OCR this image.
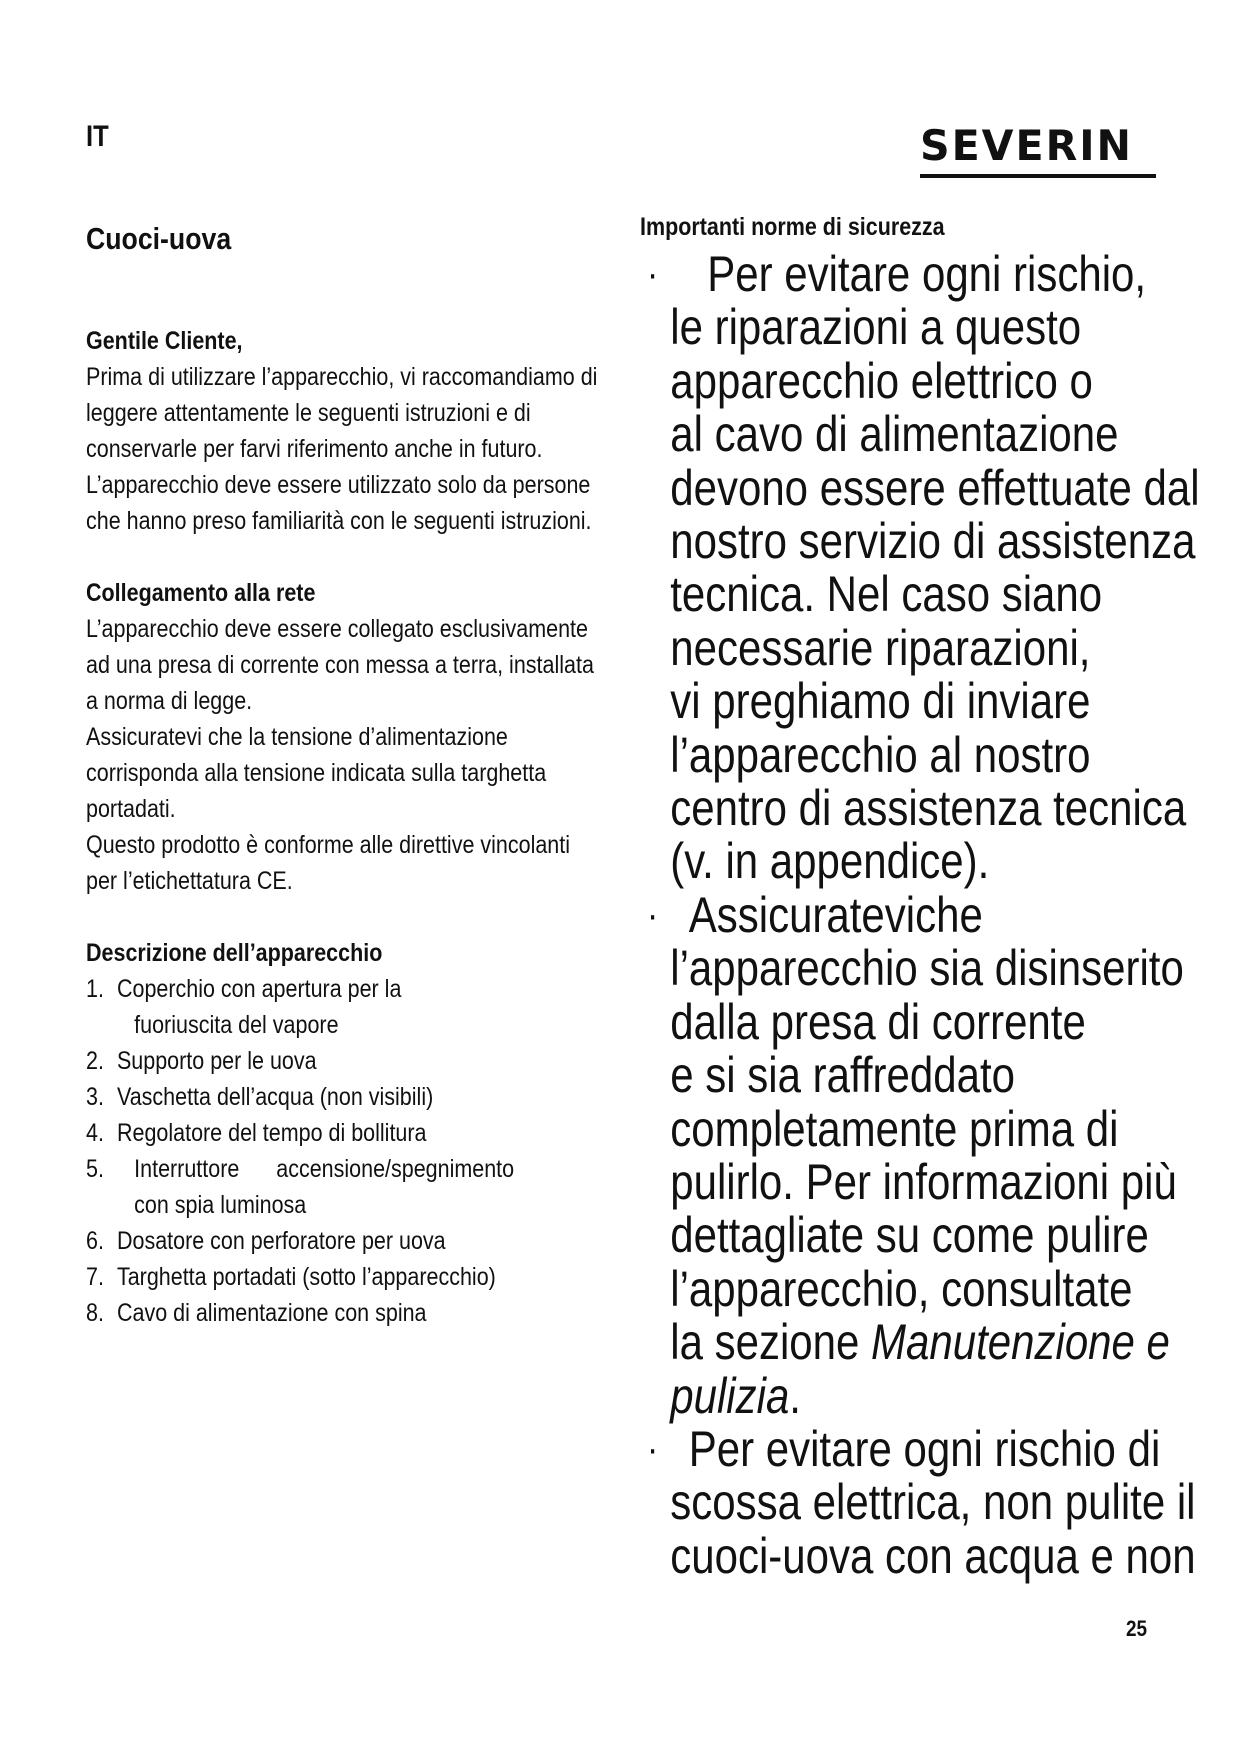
IT	SEVERIN
Cuoci-uova
Gentile Cliente,

Prima di utilizzare l’apparecchio, vi raccomandiamo di leggere attentamente le seguenti istruzioni e di conservarle per farvi riferimento anche in futuro. L’apparecchio deve essere utilizzato solo da persone che hanno preso familiarità con le seguenti istruzioni.

Collegamento alla rete

L’apparecchio deve essere collegato esclusivamente ad una presa di corrente con messa a terra, installata a norma di legge.

Assicuratevi che la tensione d’alimentazione corrisponda alla tensione indicata sulla targhetta portadati.

Questo prodotto è conforme alle direttive vincolanti per l’etichettatura CE.

Descrizione dell’apparecchio
1. Coperchio con apertura per la
fuoriuscita del vapore
2. Supporto per le uova
3. Vaschetta dell’acqua (non visibili)
4. Regolatore del tempo di bollitura
5.	Interruttore accensione/spegnimento
con spia luminosa
6. Dosatore con perforatore per uova
7. Targhetta portadati (sotto l’apparecchio)
8. Cavo di alimentazione con spina
Importanti norme di sicurezza
· Per evitare ogni rischio,
le riparazioni a questo
apparecchio elettrico o
al cavo di alimentazione
devono essere effettuate dal
nostro servizio di assistenza
tecnica. Nel caso siano
necessarie riparazioni,
vi preghiamo di inviare
l’apparecchio al nostro
centro di assistenza tecnica
(v. in appendice).
· Assicurateviche
l’apparecchio sia disinserito
dalla presa di corrente
e si sia raffreddato
completamente prima di
pulirlo. Per informazioni più
dettagliate su come pulire
l’apparecchio, consultate
la sezione Manutenzione e
pulizia.
· Per evitare ogni rischio di
scossa elettrica, non pulite il
cuoci-uova con acqua e non
25
